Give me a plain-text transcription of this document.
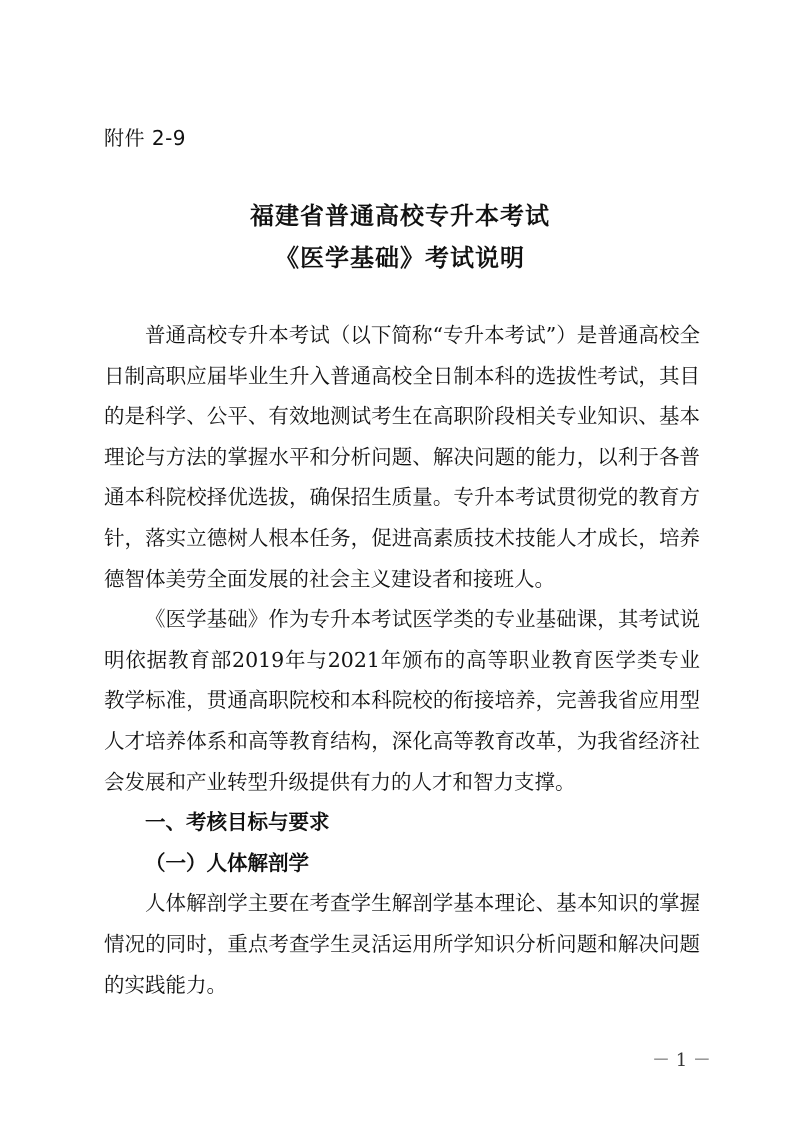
附件 2-9
福建省普通高校专升本考试
《医学基础》考试说明

普通高校专升本考试（以下简称“专升本考试”）是普通高校全日制高职应届毕业生升入普通高校全日制本科的选拔性考试，其目的是科学、公平、有效地测试考生在高职阶段相关专业知识、基本理论与方法的掌握水平和分析问题、解决问题的能力，以利于各普通本科院校择优选拔，确保招生质量。专升本考试贯彻党的教育方针，落实立德树人根本任务，促进高素质技术技能人才成长，培养德智体美劳全面发展的社会主义建设者和接班人。

《医学基础》作为专升本考试医学类的专业基础课，其考试说明依据教育部2019年与2021年颁布的高等职业教育医学类专业教学标准，贯通高职院校和本科院校的衔接培养，完善我省应用型人才培养体系和高等教育结构，深化高等教育改革，为我省经济社会发展和产业转型升级提供有力的人才和智力支撑。

一、考核目标与要求

（一）人体解剖学

人体解剖学主要在考查学生解剖学基本理论、基本知识的掌握情况的同时，重点考查学生灵活运用所学知识分析问题和解决问题的实践能力。

－ 1 －
